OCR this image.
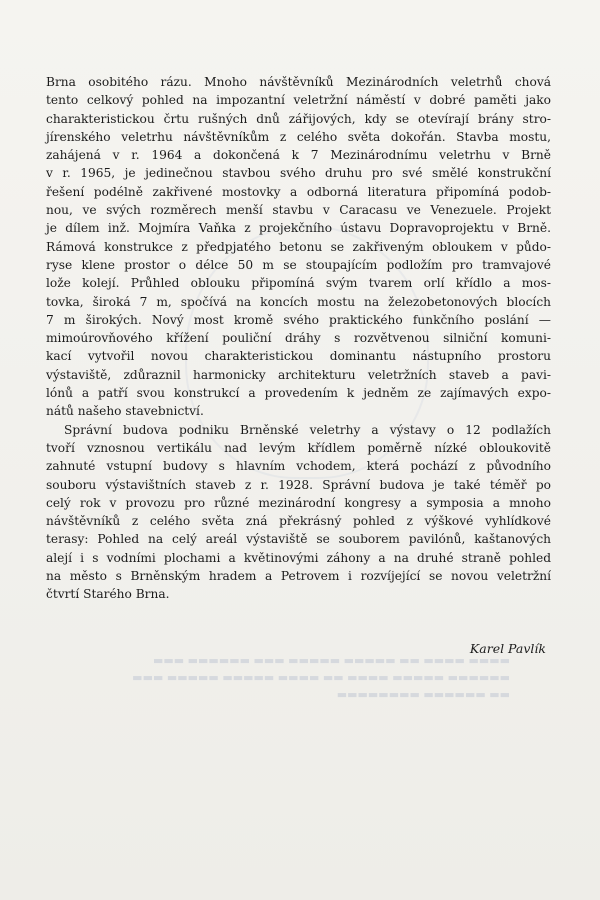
▬▬▬▬ ▬▬▬▬ ▬▬ ▬▬▬▬▬ ▬▬▬▬▬ ▬▬▬ ▬▬▬▬▬▬ ▬▬▬
▬▬▬▬▬▬ ▬▬▬▬▬ ▬▬▬▬ ▬▬ ▬▬▬▬ ▬▬▬▬▬ ▬▬▬▬▬ ▬▬▬
▬▬ ▬▬▬▬▬▬ ▬▬▬▬▬▬▬▬

Brna osobitého rázu. Mnoho návštěvníků Mezinárodních veletrhů chová
tento celkový pohled na impozantní veletržní náměstí v dobré paměti jako
charakteristickou črtu rušných dnů zářijových, kdy se otevírají brány stro-
jírenského veletrhu návštěvníkům z celého světa dokořán. Stavba mostu,
zahájená v r. 1964 a dokončená k 7 Mezinárodnímu veletrhu v Brně
v r. 1965, je jedinečnou stavbou svého druhu pro své smělé konstrukční
řešení podélně zakřivené mostovky a odborná literatura připomíná podob-
nou, ve svých rozměrech menší stavbu v Caracasu ve Venezuele. Projekt
je dílem inž. Mojmíra Vaňka z projekčního ústavu Dopravoprojektu v Brně.
Rámová konstrukce z předpjatého betonu se zakřiveným obloukem v půdo-
ryse klene prostor o délce 50 m se stoupajícím podložím pro tramvajové
lože kolejí. Průhled oblouku připomíná svým tvarem orlí křídlo a mos-
tovka, široká 7 m, spočívá na koncích mostu na železobetonových blocích
7 m širokých. Nový most kromě svého praktického funkčního poslání —
mimoúrovňového křížení pouliční dráhy s rozvětvenou silniční komuni-
kací vytvořil novou charakteristickou dominantu nástupního prostoru
výstaviště, zdůraznil harmonicky architekturu veletržních staveb a pavi-
lónů a patří svou konstrukcí a provedením k jedněm ze zajímavých expo-
nátů našeho stavebnictví.

Správní budova podniku Brněnské veletrhy a výstavy o 12 podlažích
tvoří vznosnou vertikálu nad levým křídlem poměrně nízké obloukovitě
zahnuté vstupní budovy s hlavním vchodem, která pochází z původního
souboru výstavištních staveb z r. 1928. Správní budova je také téměř po
celý rok v provozu pro různé mezinárodní kongresy a symposia a mnoho
návštěvníků z celého světa zná překrásný pohled z výškové vyhlídkové
terasy: Pohled na celý areál výstaviště se souborem pavilónů, kaštanových
alejí i s vodními plochami a květinovými záhony a na druhé straně pohled
na město s Brněnským hradem a Petrovem i rozvíjející se novou veletržní
čtvrtí Starého Brna.

Karel Pavlík
